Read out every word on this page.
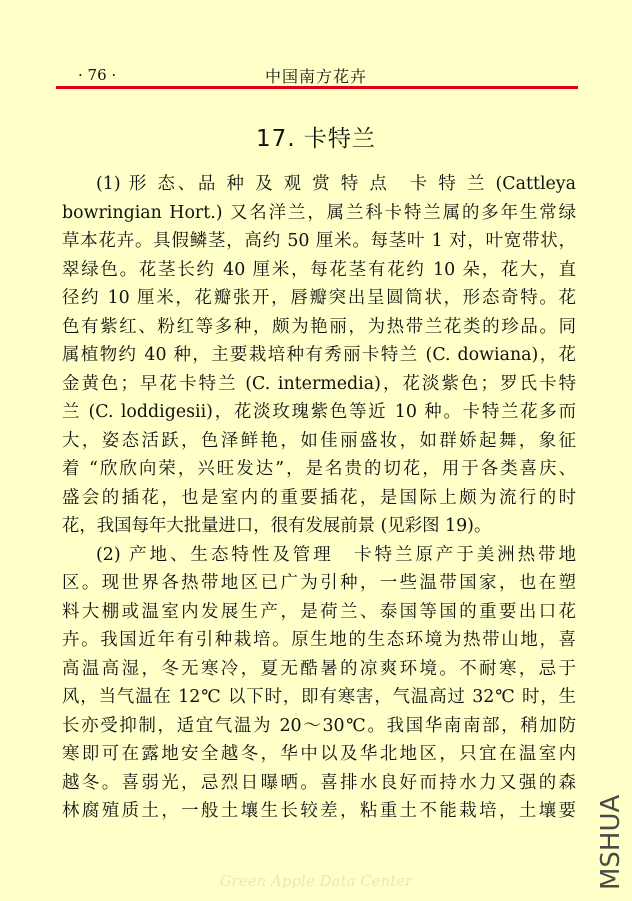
· 76 ·	中国南方花卉
17. 卡特兰
(1) 形 态、品 种 及 观 赏 特 点　卡 特 兰 (Cattleya
bowringian Hort.) 又名洋兰，属兰科卡特兰属的多年生常绿
草本花卉。具假鳞茎，高约 50 厘米。每茎叶 1 对，叶宽带状，
翠绿色。花茎长约 40 厘米，每花茎有花约 10 朵，花大，直
径约 10 厘米，花瓣张开，唇瓣突出呈圆筒状，形态奇特。花
色有紫红、粉红等多种，颇为艳丽，为热带兰花类的珍品。同
属植物约 40 种，主要栽培种有秀丽卡特兰 (C. dowiana)，花
金黄色；早花卡特兰 (C. intermedia)，花淡紫色；罗氏卡特
兰 (C. loddigesii)，花淡玫瑰紫色等近 10 种。卡特兰花多而
大，姿态活跃，色泽鲜艳，如佳丽盛妆，如群娇起舞，象征
着 “欣欣向荣，兴旺发达”，是名贵的切花，用于各类喜庆、
盛会的插花，也是室内的重要插花，是国际上颇为流行的时
花，我国每年大批量进口，很有发展前景 (见彩图 19)。
(2) 产地、生态特性及管理　卡特兰原产于美洲热带地
区。现世界各热带地区已广为引种，一些温带国家，也在塑
料大棚或温室内发展生产，是荷兰、泰国等国的重要出口花
卉。我国近年有引种栽培。原生地的生态环境为热带山地，喜
高温高湿，冬无寒冷，夏无酷暑的凉爽环境。不耐寒，忌于
风，当气温在 12℃ 以下时，即有寒害，气温高过 32℃ 时，生
长亦受抑制，适宜气温为 20～30℃。我国华南南部，稍加防
寒即可在露地安全越冬，华中以及华北地区，只宜在温室内
越冬。喜弱光，忌烈日曝晒。喜排水良好而持水力又强的森
林腐殖质土，一般土壤生长较差，粘重土不能栽培，土壤要 MSHUA
Green Apple Data Center
